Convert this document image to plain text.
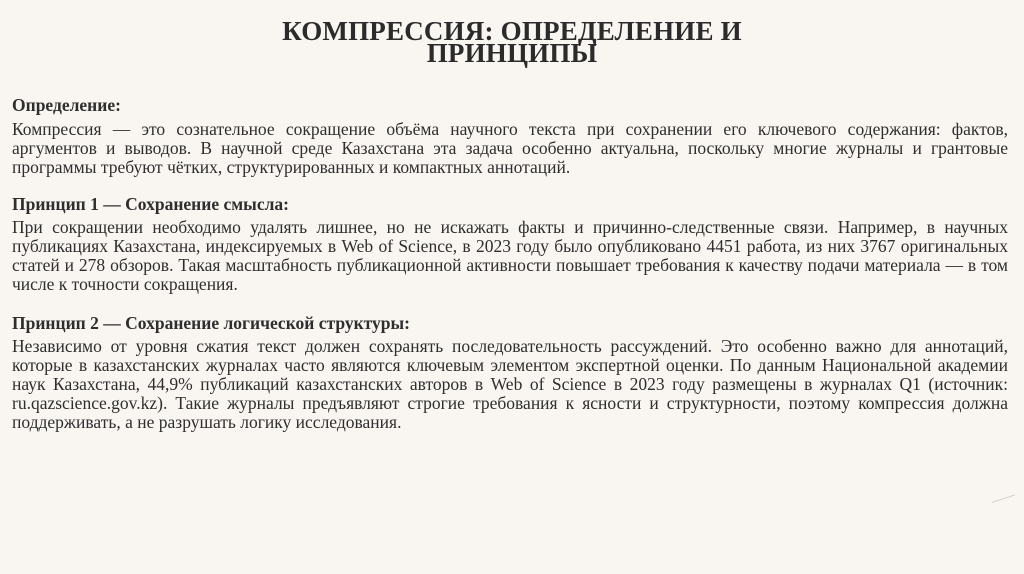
КОМПРЕССИЯ: ОПРЕДЕЛЕНИЕ И
ПРИНЦИПЫ
Определение:

Компрессия — это сознательное сокращение объёма научного текста при сохранении его ключевого содержания: фактов, аргументов и выводов. В научной среде Казахстана эта задача особенно актуальна, поскольку многие журналы и грантовые программы требуют чётких, структурированных и компактных аннотаций.

Принцип 1 — Сохранение смысла:

При сокращении необходимо удалять лишнее, но не искажать факты и причинно-следственные связи. Например, в научных публикациях Казахстана, индексируемых в Web of Science, в 2023 году было опубликовано 4451 работа, из них 3767 оригинальных статей и 278 обзоров. Такая масштабность публикационной активности повышает требования к качеству подачи материала — в том числе к точности сокращения.

Принцип 2 — Сохранение логической структуры:

Независимо от уровня сжатия текст должен сохранять последовательность рассуждений. Это особенно важно для аннотаций, которые в казахстанских журналах часто являются ключевым элементом экспертной оценки. По данным Национальной академии наук Казахстана, 44,9% публикаций казахстанских авторов в Web of Science в 2023 году размещены в журналах Q1 (источник: ru.qazscience.gov.kz). Такие журналы предъявляют строгие требования к ясности и структурности, поэтому компрессия должна поддерживать, а не разрушать логику исследования.
